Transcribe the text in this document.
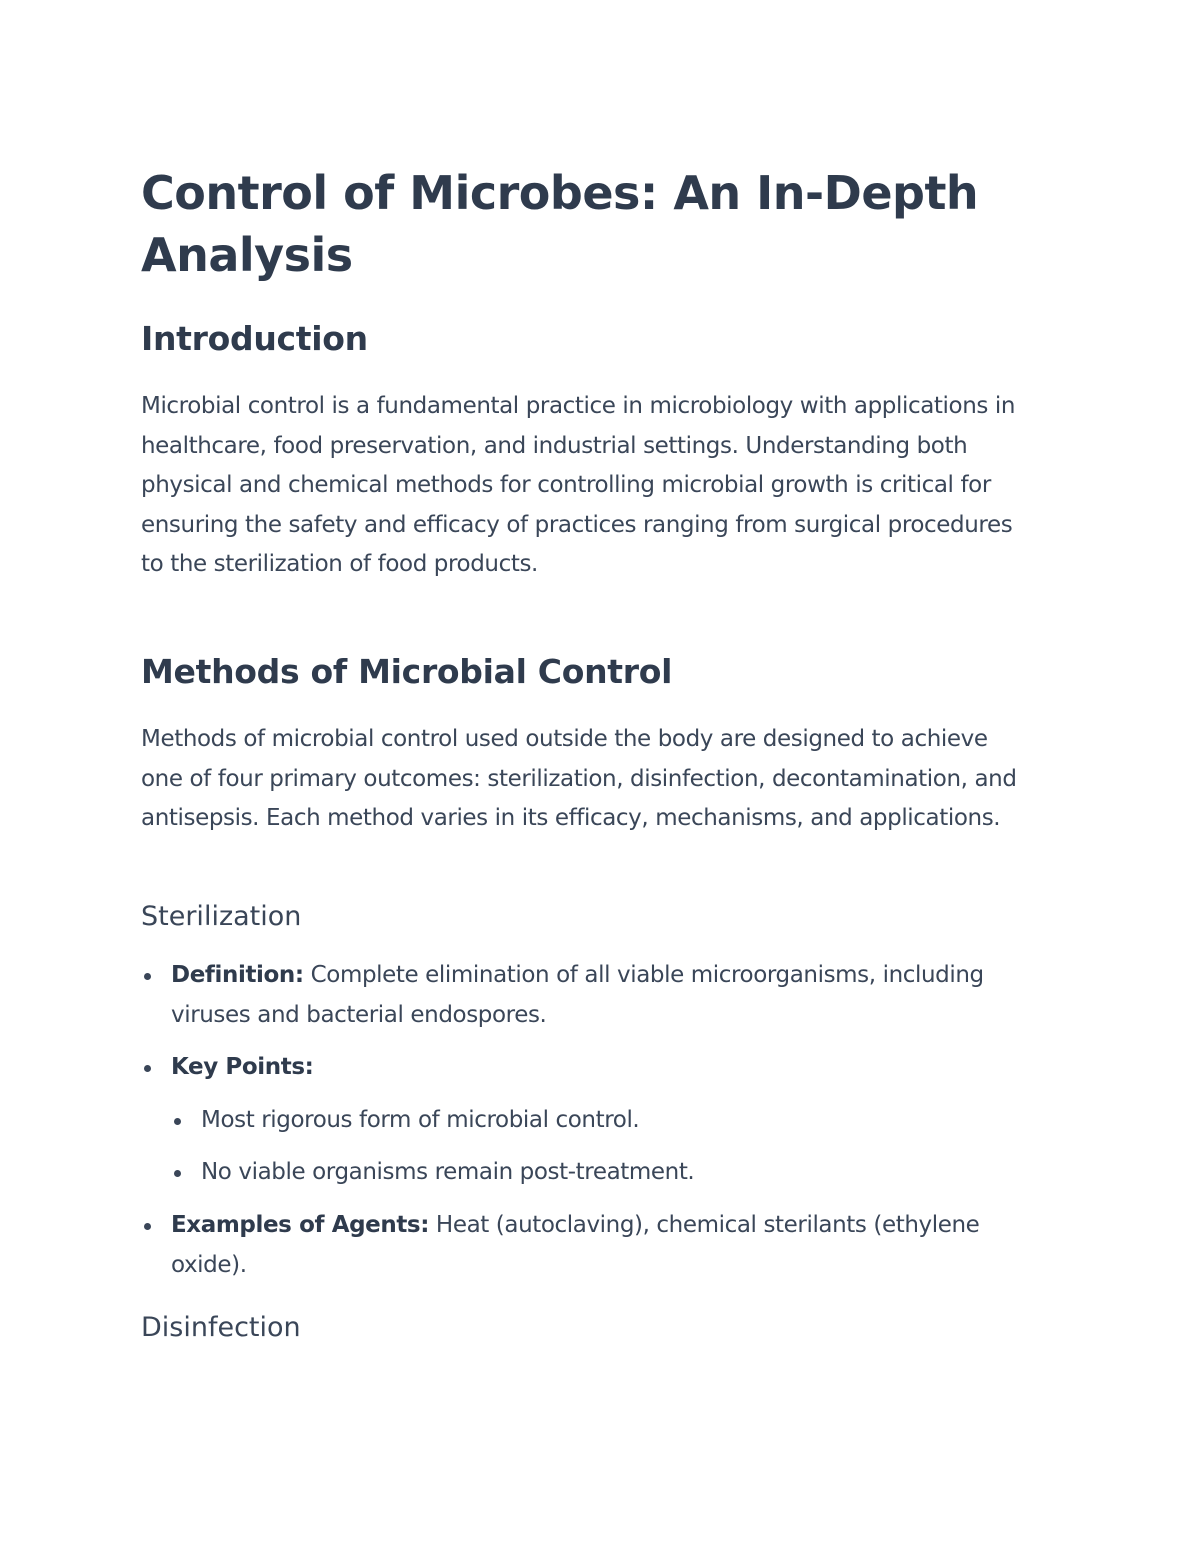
Control of Microbes: An In-Depth Analysis
Introduction

Microbial control is a fundamental practice in microbiology with applications in healthcare, food preservation, and industrial settings. Understanding both physical and chemical methods for controlling microbial growth is critical for ensuring the safety and efficacy of practices ranging from surgical procedures to the sterilization of food products.

Methods of Microbial Control

Methods of microbial control used outside the body are designed to achieve one of four primary outcomes: sterilization, disinfection, decontamination, and antisepsis. Each method varies in its efficacy, mechanisms, and applications.

Sterilization
Definition: Complete elimination of all viable microorganisms, including viruses and bacterial endospores.
Key Points:
Most rigorous form of microbial control.
No viable organisms remain post-treatment.
Examples of Agents: Heat (autoclaving), chemical sterilants (ethylene oxide).
Disinfection
